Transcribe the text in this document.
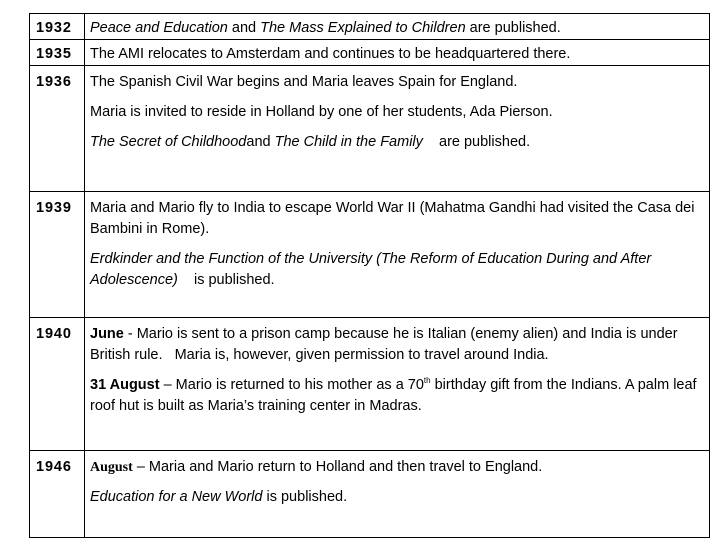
1932	Peace and Education and The Mass Explained to Children are published.

1935	The AMI relocates to Amsterdam and continues to be headquartered there.

1936	The Spanish Civil War begins and Maria leaves Spain for England.

Maria is invited to reside in Holland by one of her students, Ada Pierson.

The Secret of Childhoodand The Child in the Family    are published.

1939	Maria and Mario fly to India to escape World War II (Mahatma Gandhi had visited the Casa dei Bambini in Rome).

Erdkinder and the Function of the University (The Reform of Education During and After Adolescence)    is published.

1940	June - Mario is sent to a prison camp because he is Italian (enemy alien) and India is under British rule.   Maria is, however, given permission to travel around India.

31 August – Mario is returned to his mother as a 70th birthday gift from the Indians. A palm leaf roof hut is built as Maria’s training center in Madras.

1946	August – Maria and Mario return to Holland and then travel to England.

Education for a New World is published.
